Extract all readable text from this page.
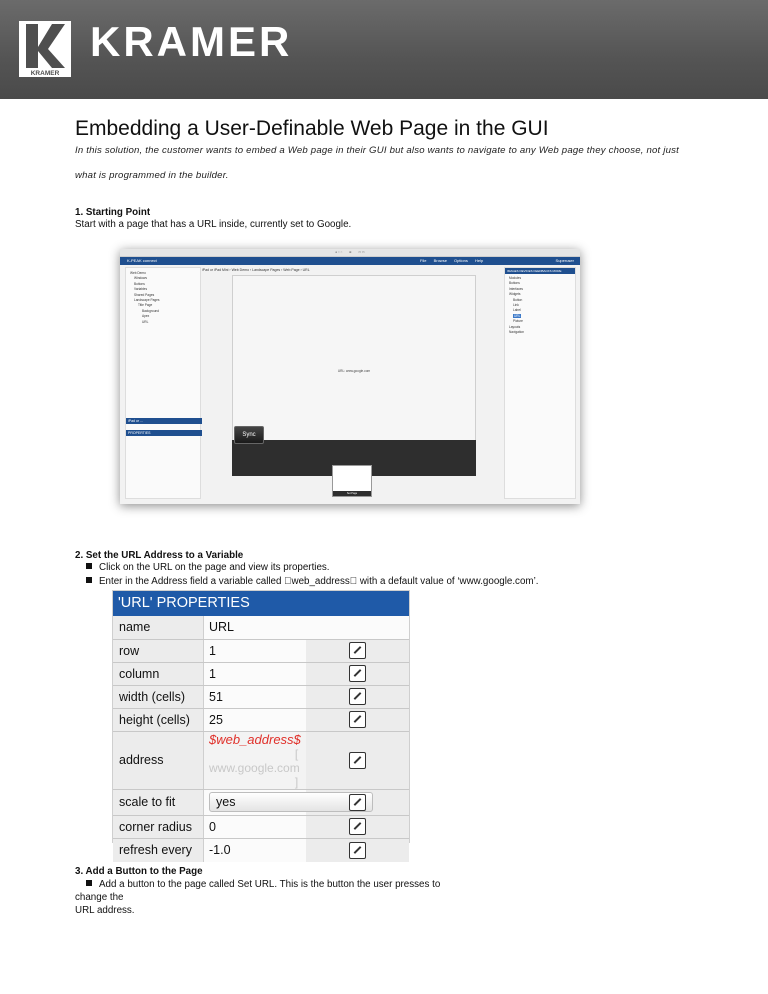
KRAMER
KRAMER
Embedding a User-Definable Web Page in the GUI
In this solution, the customer wants to embed a Web page in their GUI but also wants to navigate to any Web page they choose, not just
what is programmed in the builder.
1. Starting Point
Start with a page that has a URL inside, currently set to Google.
● ○ ○        ⊕        ▭ ▭
K-PEAK connect	File Browse Options Help	Superuser
Web Demo
Windows
Buttons
Variables
Shared Pages
Landscape Pages
Title Page
Background
Apex
URL
iPad or ...
PROPERTIES
iPad or iPad Mini › Web Demo › Landscape Pages › Web Page › URL
URL: www.google.com
Sync
Set Page
IMAGES DEVICES FEEDBACKS MORE
Modules
Buttons
Interfaces
Widgets
Button
Link
Label
URL
Picture
Layouts
Navigation
2. Set the URL Address to a Variable
Click on the URL on the page and view its properties.
Enter in the Address field a variable called  web_address  with a default value of ‘www.google.com’.
'URL' PROPERTIES
name	URL	
row	1	
column	1	
width (cells)	51	
height (cells)	25	
address	$web_address$
[ www.google.com ]	

scale to fit	yes

corner radius	0	
refresh every	-1.0	
3. Add a Button to the Page
Add a button to the page called Set URL. This is the button the user presses to
change the
URL address.
